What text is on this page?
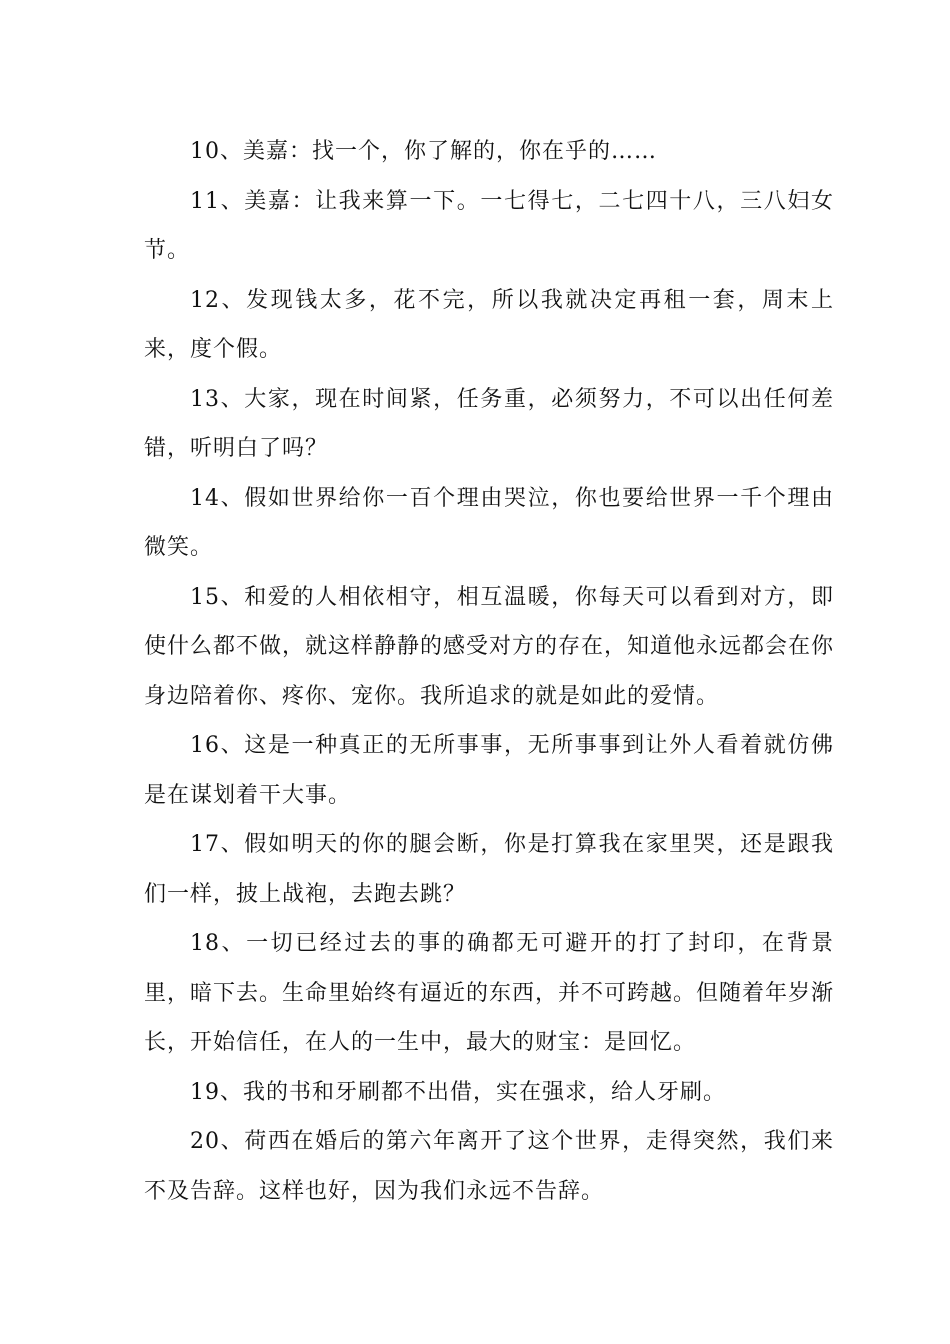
10、美嘉：找一个，你了解的，你在乎的……

11、美嘉：让我来算一下。一七得七，二七四十八，三八妇女节。

12、发现钱太多，花不完，所以我就决定再租一套，周末上来，度个假。

13、大家，现在时间紧，任务重，必须努力，不可以出任何差错，听明白了吗？

14、假如世界给你一百个理由哭泣，你也要给世界一千个理由微笑。

15、和爱的人相依相守，相互温暖，你每天可以看到对方，即使什么都不做，就这样静静的感受对方的存在，知道他永远都会在你身边陪着你、疼你、宠你。我所追求的就是如此的爱情。

16、这是一种真正的无所事事，无所事事到让外人看着就仿佛是在谋划着干大事。

17、假如明天的你的腿会断，你是打算我在家里哭，还是跟我们一样，披上战袍，去跑去跳？

18、一切已经过去的事的确都无可避开的打了封印，在背景里，暗下去。生命里始终有逼近的东西，并不可跨越。但随着年岁渐长，开始信任，在人的一生中，最大的财宝：是回忆。

19、我的书和牙刷都不出借，实在强求，给人牙刷。

20、荷西在婚后的第六年离开了这个世界，走得突然，我们来不及告辞。这样也好，因为我们永远不告辞。
